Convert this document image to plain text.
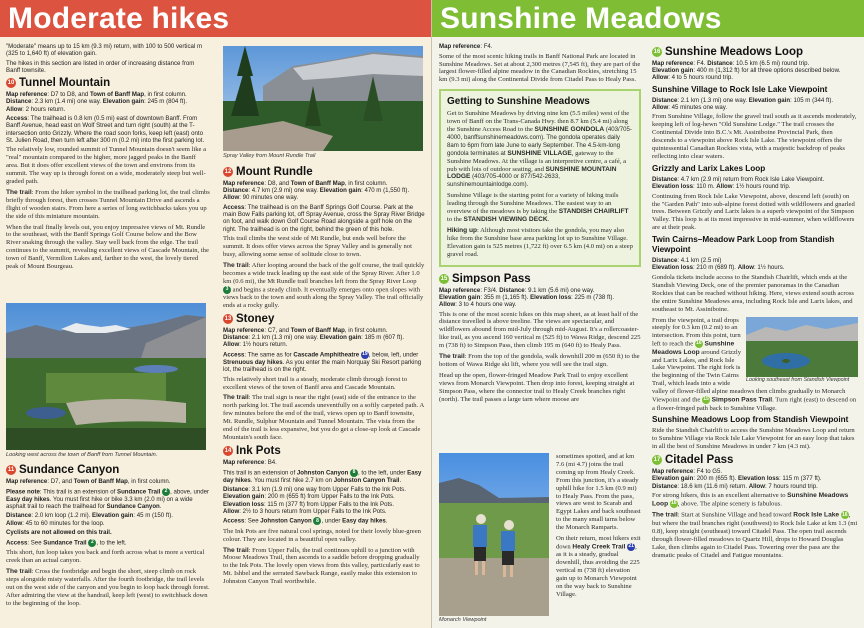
Moderate hikes

"Moderate" means up to 15 km (9.3 mi) return, with 100 to 500 vertical m (325 to 1,640 ft) of elevation gain.

The hikes in this section are listed in order of increasing distance from Banff townsite.

10 Tunnel Mountain

Map reference: D7 to D8, and Town of Banff Map, in first column.
Distance: 2.3 km (1.4 mi) one way. Elevation gain: 245 m (804 ft).
Allow: 2 hours return.

Access: The trailhead is 0.8 km (0.5 mi) east of downtown Banff. From Banff Avenue, head east on Wolf Street and turn right (south) at the T-intersection onto Grizzly. Where the road soon forks, keep left (east) onto St. Julien Road, then turn left after 300 m (0.2 mi) into the first parking lot.

The relatively low, rounded summit of Tunnel Mountain doesn't seem like a "real" mountain compared to the higher, more jagged peaks in the Banff area. But it does offer excellent views of the town and environs from its summit. The way up is through forest on a wide, moderately steep but well-graded path.

The trail: From the hiker symbol in the trailhead parking lot, the trail climbs briefly through forest, then crosses Tunnel Mountain Drive and ascends a flight of wooden stairs. From here a series of long switchbacks takes you up the side of this miniature mountain.

When the trail finally levels out, you enjoy impressive views of Mt. Rundle to the southeast, with the Banff Springs Golf Course below and the Bow River snaking through the valley. Stay well back from the edge. The trail continues to the summit, revealing excellent views of Cascade Mountain, the town of Banff, Vermilion Lakes and, farther to the west, the lovely tiered peak of Mount Bourgeau.

Looking west across the town of Banff from Tunnel Mountain.
11 Sundance Canyon

Map reference: D7, and Town of Banff Map, in first column.

Please note: This trail is an extension of Sundance Trail 2 , above, under Easy day hikes. You must first hike or bike 3.3 km (2.0 mi) on a wide asphalt trail to reach the trailhead for Sundance Canyon.

Distance: 2.0 km loop (1.2 mi). Elevation gain: 45 m (150 ft).
Allow: 45 to 60 minutes for the loop.

Cyclists are not allowed on this trail.

Access: See Sundance Trail 2 , to the left.

This short, fun loop takes you back and forth across what is more a vertical creek than an actual canyon.

The trail: Cross the footbridge and begin the short, steep climb on rock steps alongside misty waterfalls. After the fourth footbridge, the trail levels out on the west side of the canyon and you begin to loop back through forest. After admiring the view at the handrail, keep left (west) to switchback down to the beginning of the loop.

Spray Valley from Mount Rundle Trail
12 Mount Rundle

Map reference: D8, and Town of Banff Map, in first column.
Distance: 4.7 km (2.9 mi) one way. Elevation gain: 470 m (1,550 ft).
Allow: 90 minutes one way.

Access: The trailhead is on the Banff Springs Golf Course. Park at the main Bow Falls parking lot, off Spray Avenue, cross the Spray River Bridge on foot, and walk down Golf Course Road alongside a golf hole on the right. The trailhead is on the right, behind the green of this hole.

This trail climbs the west side of Mt Rundle, but ends well before the summit. It does offer views across the Spray Valley and is generally not busy, allowing some sense of solitude close to town.

The trail: After looping around the back of the golf course, the trail quickly becomes a wide track leading up the east side of the Spray River. After 1.0 km (0.6 mi), the Mt Rundle trail branches left from the Spray River Loop 3 and begins a steady climb. It eventually emerges onto open slopes with views back to the town and south along the Spray Valley. The trail officially ends at a rocky gully.

13 Stoney

Map reference: C7, and Town of Banff Map, in first column.
Distance: 2.1 km (1.3 mi) one way. Elevation gain: 185 m (607 ft).
Allow: 1½ hours return.

Access: The same as for Cascade Amphitheatre 19, below, left, under Strenuous day hikes. As you enter the main Norquay Ski Resort parking lot, the trailhead is on the right.

This relatively short trail is a steady, moderate climb through forest to excellent views of the town of Banff area and Cascade Mountain.

The trail: The trail sign is near the right (east) side of the entrance to the north parking lot. The trail ascends uneventfully on a softly carpeted path. A few minutes before the end of the trail, views open up to Banff townsite, Mt. Rundle, Sulphur Mountain and Tunnel Mountain. The vista from the end of the trail is less expansive, but you do get a close-up look at Cascade Mountain's south face.

14 Ink Pots

Map reference: B4.

This trail is an extension of Johnston Canyon 8 , to the left, under Easy day hikes. You must first hike 2.7 km on Johnston Canyon Trail.

Distance: 3.1 km (1.9 mi) one way from Upper Falls to the Ink Pots.
Elevation gain: 200 m (655 ft) from Upper Falls to the Ink Pots.
Elevation loss: 115 m (377 ft) from Upper Falls to the Ink Pots.
Allow: 2½ to 3 hours return from Upper Falls to the Ink Pots.

Access: See Johnston Canyon 8 , under Easy day hikes.

The Ink Pots are five natural cool springs, noted for their lovely blue-green colour. They are located in a beautiful open valley.

The trail: From Upper Falls, the trail continues uphill to a junction with Moose Meadows Trail, then ascends to a saddle before dropping gradually to the Ink Pots. The lovely open views from this valley, particularly east to Mt. Ishbel and the serrated Sawback Range, easily make this extension to Johnston Canyon Trail worthwhile.

Sunshine Meadows

Map reference: F4.

Some of the most scenic hiking trails in Banff National Park are located in Sunshine Meadows. Set at about 2,300 metres (7,545 ft), they are part of the largest flower-filled alpine meadow in the Canadian Rockies, stretching 15 km (9.3 mi) along the Continental Divide from Citadel Pass to Healy Pass.

Getting to Sunshine Meadows

Get to Sunshine Meadows by driving nine km (5.5 miles) west of the town of Banff on the Trans-Canada Hwy. then 8.7 km (5.4 mi) along the Sunshine Access Road to the SUNSHINE GONDOLA (403/705-4000, banffsunshinemeadows.com). The gondola operates daily 8am to 6pm from late June to early September. The 4.5-km-long gondola terminates at SUNSHINE VILLAGE, gateway to the Sunshine Meadows. At the village is an interpretive centre, a café, a pub with lots of outdoor seating, and SUNSHINE MOUNTAIN LODGE (403/705-4000 or 877/542-2633, sunshinemountainlodge.com).

Sunshine Village is the starting point for a variety of hiking trails leading through the Sunshine Meadows. The easiest way to an overview of the meadows is by taking the STANDISH CHAIRLIFT to the STANDISH VIEWING DECK.

Hiking up: Although most visitors take the gondola, you may also hike from the Sunshine base area parking lot up to Sunshine Village. Elevation gain is 525 metres (1,722 ft) over 6.5 km (4.0 mi) on a steep gravel road.

15 Simpson Pass

Map reference: F3/4. Distance: 9.1 km (5.6 mi) one way.
Elevation gain: 355 m (1,165 ft). Elevation loss: 225 m (738 ft).
Allow: 3 to 4 hours one way.

This is one of the most scenic hikes on this map sheet, as at least half of the distance travelled is above treeline. The views are spectacular, and wildflowers abound from mid-July through mid-August. It's a rollercoaster-like trail, as you ascend 160 vertical m (525 ft) to Wawa Ridge, descend 225 m (738 ft) to Simpson Pass, then climb 195 m (640 ft) to Healy Pass.

The trail: From the top of the gondola, walk downhill 200 m (650 ft) to the bottom of Wawa Ridge ski lift, where you will see the trail sign.

Head up the open, flower-fringed Meadow Park Trail to enjoy excellent views from Monarch Viewpoint. Then drop into forest, keeping straight at Simpson Pass, where the connector trail to Healy Creek branches right (north). The trail passes a large tarn where moose are

Monarch Viewpoint

sometimes spotted, and at km 7.6 (mi 4.7) joins the trail coming up from Healy Creek. From this junction, it's a steady uphill hike for 1.5 km (0.9 mi) to Healy Pass. From the pass, views are west to Scarab and Egypt Lakes and back southeast to the many small tarns below the Monarch Ramparts.

On their return, most hikers exit down Healy Creek Trail 21, as it is a steady, gradual downhill, thus avoiding the 225 vertical m (738 ft) elevation gain up to Monarch Viewpoint on the way back to Sunshine Village.

16 Sunshine Meadows Loop

Map reference: F4. Distance: 10.5 km (6.5 mi) round trip.
Elevation gain: 400 m (1,312 ft) for all three options described below.
Allow: 4 to 5 hours round trip.

Sunshine Village to Rock Isle Lake Viewpoint

Distance: 2.1 km (1.3 mi) one way. Elevation gain: 105 m (344 ft).
Allow: 45 minutes one way.

From Sunshine Village, follow the gravel trail south as it ascends moderately, keeping left of log-hewn "Old Sunshine Lodge." The trail crosses the Continental Divide into B.C.'s Mt. Assiniboine Provincial Park, then descends to a viewpoint above Rock Isle Lake. The viewpoint offers the quintessential Canadian Rockies vista, with a majestic backdrop of peaks reflecting into clear waters.

Grizzly and Larix Lakes Loop

Distance: 4.7 km (2.9 mi) return from Rock Isle Lake Viewpoint.
Elevation loss: 110 m. Allow: 1½ hours round trip.

Continuing from Rock Isle Lake Viewpoint, above, descend left (south) on the "Garden Path" into sub-alpine forest dotted with wildflowers and gnarled trees. Between Grizzly and Larix lakes is a superb viewpoint of the Simpson Valley. This loop is at its most impressive in mid-summer, when wildflowers are at their peak.

Twin Cairns–Meadow Park Loop from Standish Viewpoint

Distance: 4.1 km (2.5 mi)
Elevation loss: 210 m (689 ft). Allow: 1½ hours.

Gondola tickets include access to the Standish Chairlift, which ends at the Standish Viewing Deck, one of the premier panoramas in the Canadian Rockies that can be reached without hiking. Here, views extend south across the entire Sunshine Meadows area, including Rock Isle and Larix lakes, and southeast to Mt. Assiniboine.

Looking southeast from Standish Viewpoint

From the viewpoint, a trail drops steeply for 0.3 km (0.2 mi) to an intersection. From this point, turn left to reach the 16 Sunshine Meadows Loop around Grizzly and Larix Lakes, and Rock Isle Lake Viewpoint. The right fork is the beginning of the Twin Cairns Trail, which leads into a wide valley of flower-filled alpine meadows then climbs gradually to Monarch Viewpoint and the 15 Simpson Pass Trail. Turn right (east) to descend on a flower-fringed path back to Sunshine Village.

Sunshine Meadows Loop from Standish Viewpoint

Ride the Standish Chairlift to access the Sunshine Meadows Loop and return to Sunshine Village via Rock Isle Lake Viewpoint for an easy loop that takes in all the best of Sunshine Meadows in under 7 km (4.3 mi).

17 Citadel Pass

Map reference: F4 to G5.
Elevation gain: 200 m (655 ft). Elevation loss: 115 m (377 ft).
Distance: 18.6 km (11.6 mi) return. Allow: 7 hours round trip.

For strong hikers, this is an excellent alternative to Sunshine Meadows Loop 16, above. The alpine scenery is fabulous.

The trail: Start at Sunshine Village and head toward Rock Isle Lake 16, but where the trail branches right (southwest) to Rock Isle Lake at km 1.3 (mi 0.8), keep straight (southeast) toward Citadel Pass. The open trail ascends through flower-filled meadows to Quartz Hill, drops to Howard Douglas Lake, then climbs again to Citadel Pass. Towering over the pass are the dramatic peaks of Citadel and Fatigue mountains.
